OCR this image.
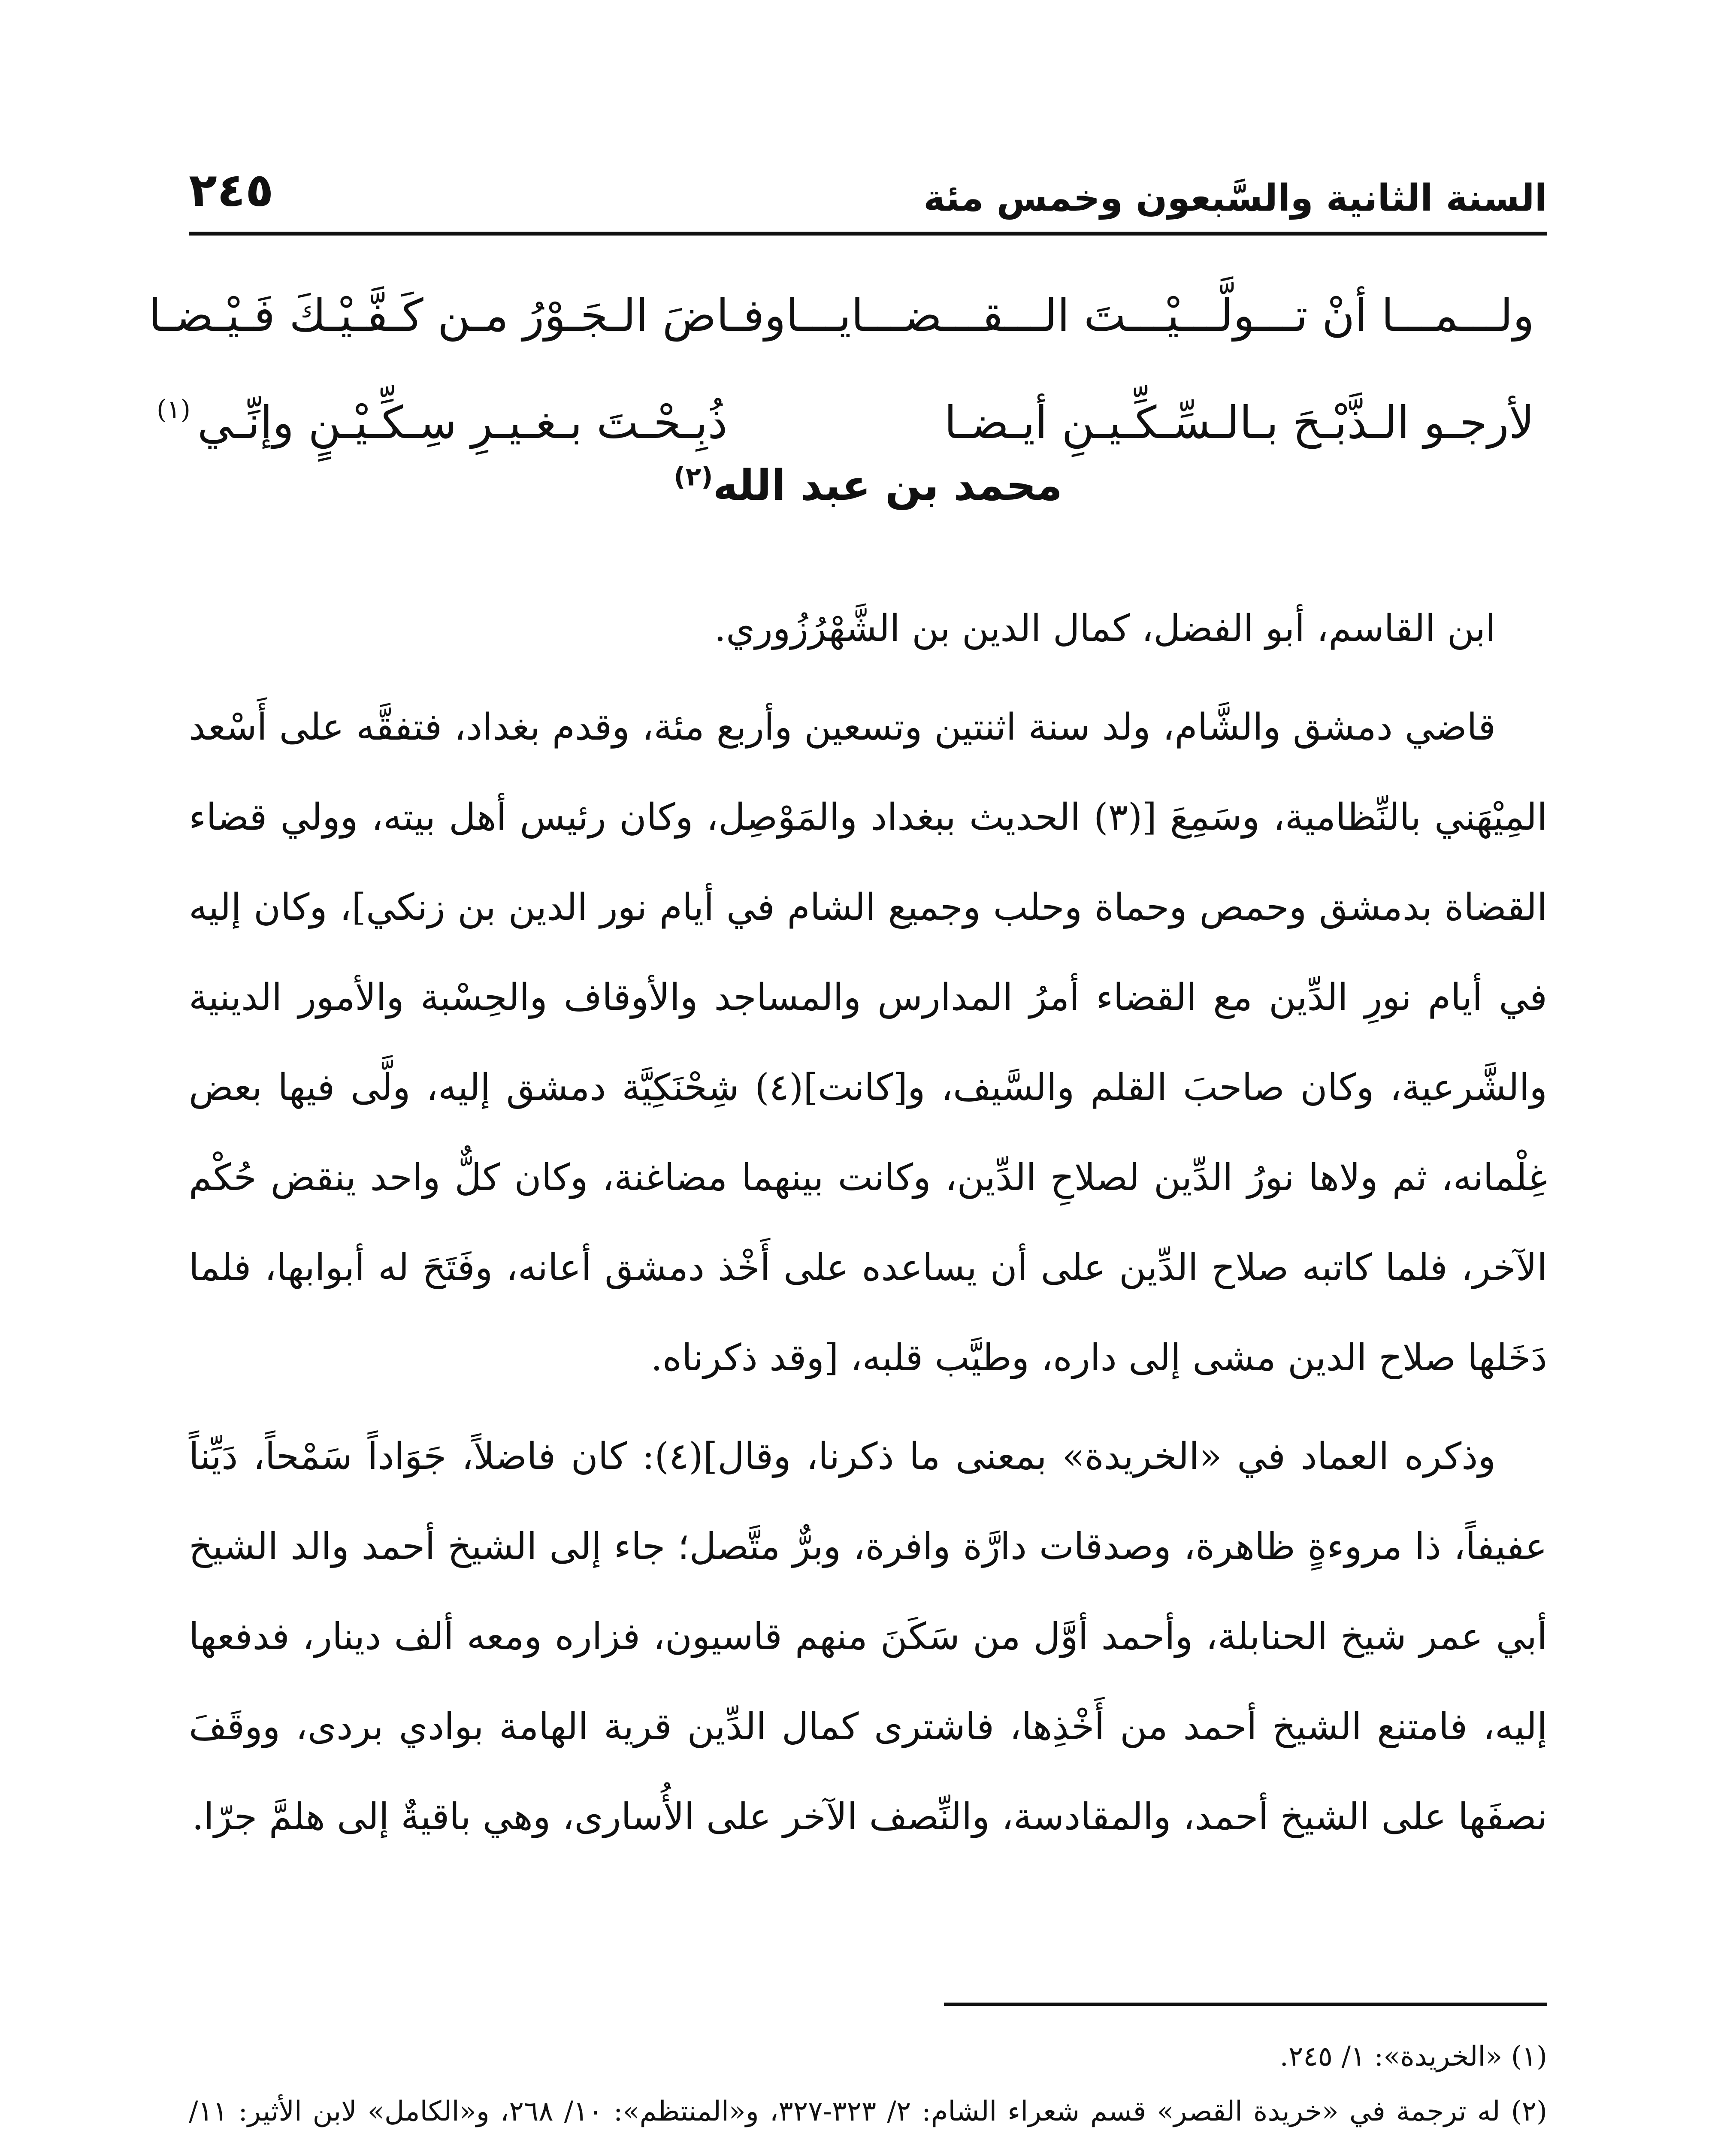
السنة الثانية والسَّبعون وخمس مئة
٢٤٥
ولـــمـــا أنْ تـــولَّـــيْـــتَ الـــقـــضـــايـــا
وفـاضَ الـجَـوْرُ مـن كَـفَّـيْـكَ فَـيْـضـا
لأرجـو الـذَّبْـحَ بـالـسِّـكِّـيـنِ أيـضـا
ذُبِـحْـتَ بـغـيـرِ سِـكِّـيْـنٍ وإنِّـي
(١)
محمد بن عبد الله$^{(٢)}$

ابن القاسم، أبو الفضل، كمال الدين بن الشَّهْرُزُوري.

قاضي دمشق والشَّام، ولد سنة اثنتين وتسعين وأربع مئة، وقدم بغداد، فتفقَّه على أَسْعد المِيْهَني بالنِّظامية، وسَمِعَ [(٣) الحديث ببغداد والمَوْصِل، وكان رئيس أهل بيته، وولي قضاء القضاة بدمشق وحمص وحماة وحلب وجميع الشام في أيام نور الدين بن زنكي]، وكان إليه في أيام نورِ الدِّين مع القضاء أمرُ المدارس والمساجد والأوقاف والحِسْبة والأمور الدينية والشَّرعية، وكان صاحبَ القلم والسَّيف، و[كانت](٤) شِحْنَكِيَّة دمشق إليه، ولَّى فيها بعض غِلْمانه، ثم ولاها نورُ الدِّين لصلاحِ الدِّين، وكانت بينهما مضاغنة، وكان كلٌّ واحد ينقض حُكْم الآخر، فلما كاتبه صلاح الدِّين على أن يساعده على أَخْذ دمشق أعانه، وفَتَحَ له أبوابها، فلما دَخَلها صلاح الدين مشى إلى داره، وطيَّب قلبه، [وقد ذكرناه.

وذكره العماد في «الخريدة» بمعنى ما ذكرنا، وقال](٤): كان فاضلاً، جَوَاداً سَمْحاً، دَيِّناً عفيفاً، ذا مروءةٍ ظاهرة، وصدقات دارَّة وافرة، وبرٌّ متَّصل؛ جاء إلى الشيخ أحمد والد الشيخ أبي عمر شيخ الحنابلة، وأحمد أوَّل من سَكَنَ منهم قاسيون، فزاره ومعه ألف دينار، فدفعها إليه، فامتنع الشيخ أحمد من أَخْذِها، فاشترى كمال الدِّين قرية الهامة بوادي بردى، ووقَفَ نصفَها على الشيخ أحمد، والمقادسة، والنِّصف الآخر على الأُسارى، وهي باقيةٌ إلى هلمَّ جرّا.

(١) «الخريدة»: ١/ ٢٤٥.

(٢) له ترجمة في «خريدة القصر» قسم شعراء الشام: ٢/ ٣٢٣-٣٢٧، و«المنتظم»: ١٠/ ٢٦٨، و«الكامل» لابن الأثير: ١١/
